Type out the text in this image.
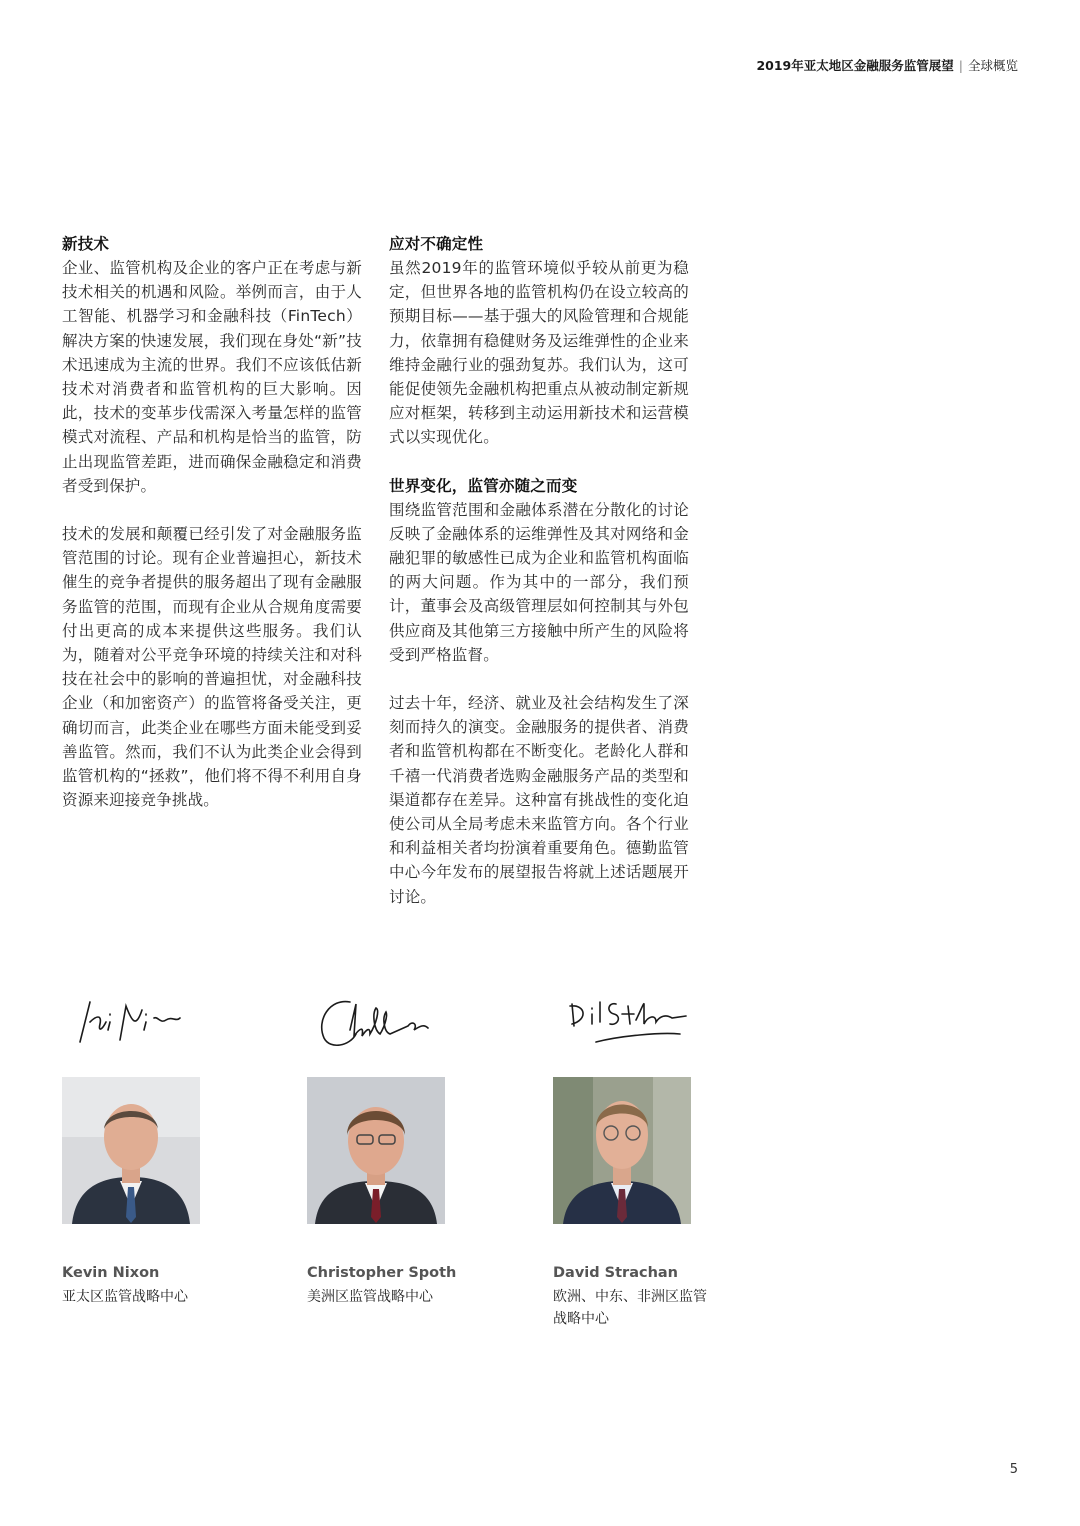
2019年亚太地区金融服务监管展望 | 全球概览
新技术

企业、监管机构及企业的客户正在考虑与新技术相关的机遇和风险。举例而言，由于人工智能、机器学习和金融科技（FinTech）解决方案的快速发展，我们现在身处“新”技术迅速成为主流的世界。我们不应该低估新技术对消费者和监管机构的巨大影响。因此，技术的变革步伐需深入考量怎样的监管模式对流程、产品和机构是恰当的监管，防止出现监管差距，进而确保金融稳定和消费者受到保护。

技术的发展和颠覆已经引发了对金融服务监管范围的讨论。现有企业普遍担心，新技术催生的竞争者提供的服务超出了现有金融服务监管的范围，而现有企业从合规角度需要付出更高的成本来提供这些服务。我们认为，随着对公平竞争环境的持续关注和对科技在社会中的影响的普遍担忧，对金融科技企业（和加密资产）的监管将备受关注，更确切而言，此类企业在哪些方面未能受到妥善监管。然而，我们不认为此类企业会得到监管机构的“拯救”，他们将不得不利用自身资源来迎接竞争挑战。

应对不确定性

虽然2019年的监管环境似乎较从前更为稳定，但世界各地的监管机构仍在设立较高的预期目标——基于强大的风险管理和合规能力，依靠拥有稳健财务及运维弹性的企业来维持金融行业的强劲复苏。我们认为，这可能促使领先金融机构把重点从被动制定新规应对框架，转移到主动运用新技术和运营模式以实现优化。

世界变化，监管亦随之而变

围绕监管范围和金融体系潜在分散化的讨论反映了金融体系的运维弹性及其对网络和金融犯罪的敏感性已成为企业和监管机构面临的两大问题。作为其中的一部分，我们预计，董事会及高级管理层如何控制其与外包供应商及其他第三方接触中所产生的风险将受到严格监督。

过去十年，经济、就业及社会结构发生了深刻而持久的演变。金融服务的提供者、消费者和监管机构都在不断变化。老龄化人群和千禧一代消费者选购金融服务产品的类型和渠道都存在差异。这种富有挑战性的变化迫使公司从全局考虑未来监管方向。各个行业和利益相关者均扮演着重要角色。德勤监管中心今年发布的展望报告将就上述话题展开讨论。

Kevin Nixon
亚太区监管战略中心
Christopher Spoth
美洲区监管战略中心
David Strachan
欧洲、中东、非洲区监管战略中心
5
